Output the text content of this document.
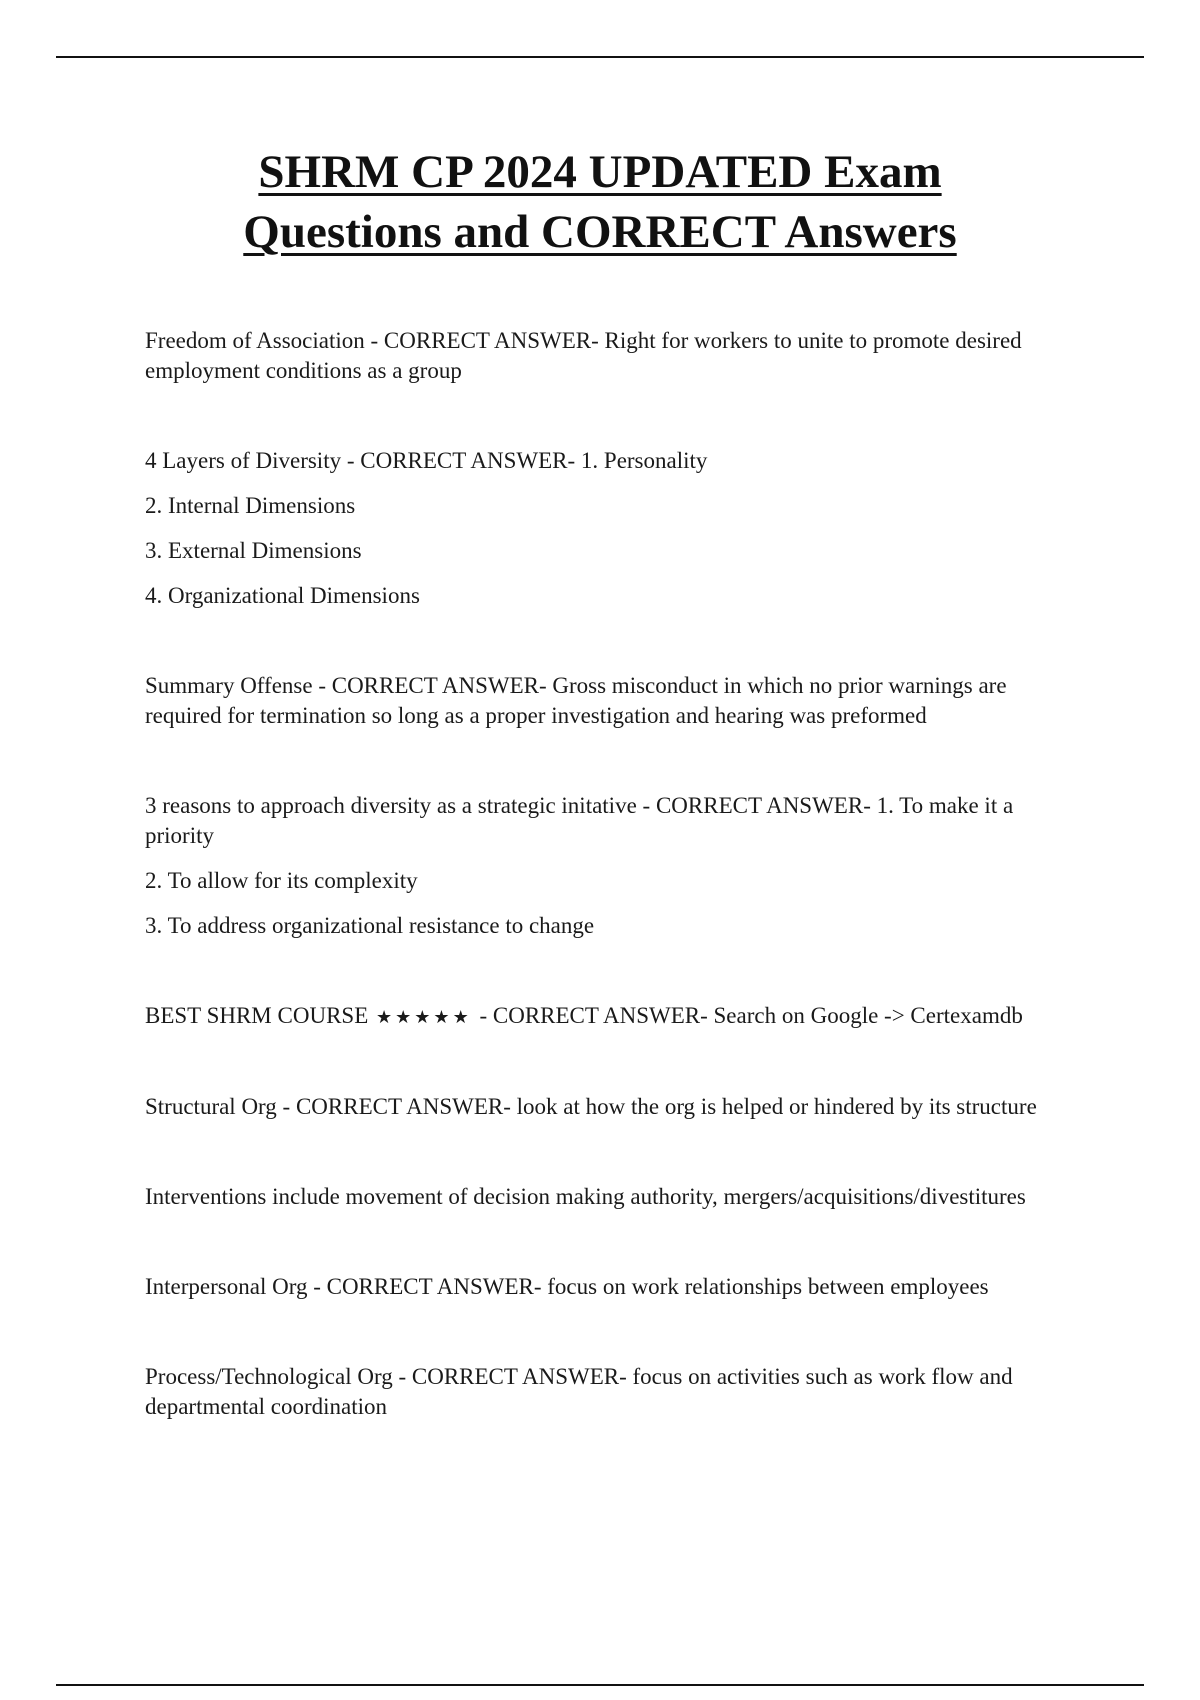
SHRM CP 2024 UPDATED Exam
Questions and CORRECT Answers

Freedom of Association - CORRECT ANSWER- Right for workers to unite to promote desired employment conditions as a group

4 Layers of Diversity - CORRECT ANSWER- 1. Personality

2. Internal Dimensions

3. External Dimensions

4. Organizational Dimensions

Summary Offense - CORRECT ANSWER- Gross misconduct in which no prior warnings are required for termination so long as a proper investigation and hearing was preformed

3 reasons to approach diversity as a strategic initative - CORRECT ANSWER- 1. To make it a priority

2. To allow for its complexity

3. To address organizational resistance to change

BEST SHRM COURSE ★★★★★ - CORRECT ANSWER- Search on Google -> Certexamdb

Structural Org - CORRECT ANSWER- look at how the org is helped or hindered by its structure

Interventions include movement of decision making authority, mergers/acquisitions/divestitures

Interpersonal Org - CORRECT ANSWER- focus on work relationships between employees

Process/Technological Org - CORRECT ANSWER- focus on activities such as work flow and departmental coordination
